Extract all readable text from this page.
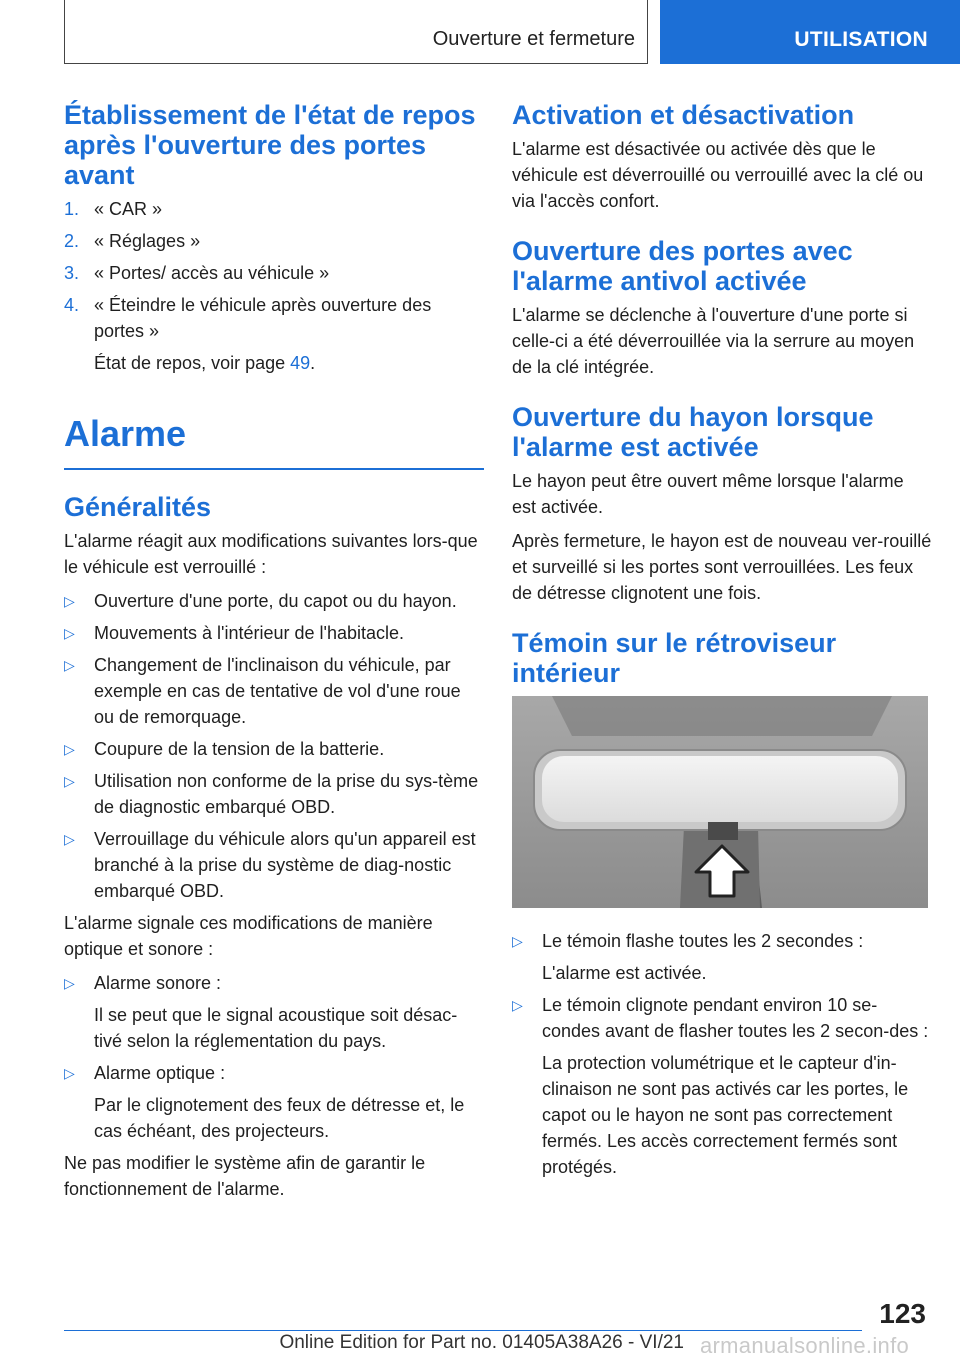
Ouverture et fermeture	UTILISATION
Établissement de l'état de repos après l'ouverture des portes avant
1. « CAR »
2. « Réglages »
3. « Portes/ accès au véhicule »
4. « Éteindre le véhicule après ouverture des portes »
État de repos, voir page 49.
Alarme
Généralités

L'alarme réagit aux modifications suivantes lors-que le véhicule est verrouillé :

▷ Ouverture d'une porte, du capot ou du hayon.
▷ Mouvements à l'intérieur de l'habitacle.
▷ Changement de l'inclinaison du véhicule, par exemple en cas de tentative de vol d'une roue ou de remorquage.
▷ Coupure de la tension de la batterie.
▷ Utilisation non conforme de la prise du sys-tème de diagnostic embarqué OBD.
▷ Verrouillage du véhicule alors qu'un appareil est branché à la prise du système de diag-nostic embarqué OBD.

L'alarme signale ces modifications de manière optique et sonore :

▷ Alarme sonore :
Il se peut que le signal acoustique soit désac-tivé selon la réglementation du pays.
▷ Alarme optique :
Par le clignotement des feux de détresse et, le cas échéant, des projecteurs.

Ne pas modifier le système afin de garantir le fonctionnement de l'alarme.

Activation et désactivation

L'alarme est désactivée ou activée dès que le véhicule est déverrouillé ou verrouillé avec la clé ou via l'accès confort.

Ouverture des portes avec l'alarme antivol activée

L'alarme se déclenche à l'ouverture d'une porte si celle-ci a été déverrouillée via la serrure au moyen de la clé intégrée.

Ouverture du hayon lorsque l'alarme est activée

Le hayon peut être ouvert même lorsque l'alarme est activée.

Après fermeture, le hayon est de nouveau ver-rouillé et surveillé si les portes sont verrouillées. Les feux de détresse clignotent une fois.

Témoin sur le rétroviseur intérieur
▷ Le témoin flashe toutes les 2 secondes :
L'alarme est activée.
▷ Le témoin clignote pendant environ 10 se-condes avant de flasher toutes les 2 secon-des :
La protection volumétrique et le capteur d'in-clinaison ne sont pas activés car les portes, le capot ou le hayon ne sont pas correctement fermés. Les accès correctement fermés sont protégés.
123
Online Edition for Part no. 01405A38A26 - VI/21 armanualsonline.info
